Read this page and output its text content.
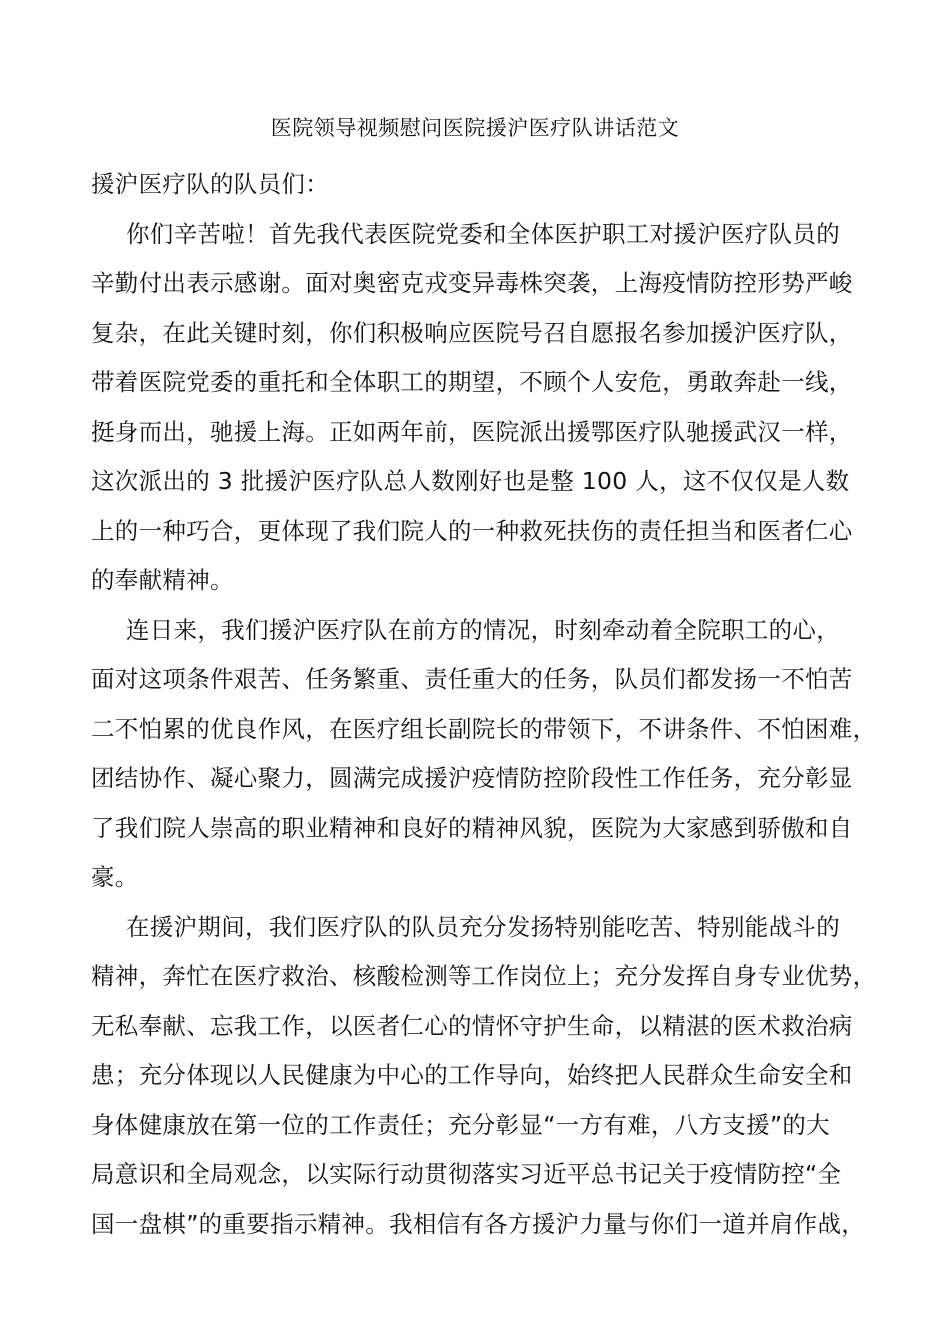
医院领导视频慰问医院援沪医疗队讲话范文
援沪医疗队的队员们：
你们辛苦啦！首先我代表医院党委和全体医护职工对援沪医疗队员的
辛勤付出表示感谢。面对奥密克戎变异毒株突袭，上海疫情防控形势严峻
复杂，在此关键时刻，你们积极响应医院号召自愿报名参加援沪医疗队，
带着医院党委的重托和全体职工的期望，不顾个人安危，勇敢奔赴一线，
挺身而出，驰援上海。正如两年前，医院派出援鄂医疗队驰援武汉一样，
这次派出的 3 批援沪医疗队总人数刚好也是整 100 人，这不仅仅是人数
上的一种巧合，更体现了我们院人的一种救死扶伤的责任担当和医者仁心
的奉献精神。
连日来，我们援沪医疗队在前方的情况，时刻牵动着全院职工的心，
面对这项条件艰苦、任务繁重、责任重大的任务，队员们都发扬一不怕苦
二不怕累的优良作风，在医疗组长副院长的带领下，不讲条件、不怕困难，
团结协作、凝心聚力，圆满完成援沪疫情防控阶段性工作任务，充分彰显
了我们院人崇高的职业精神和良好的精神风貌，医院为大家感到骄傲和自
豪。
在援沪期间，我们医疗队的队员充分发扬特别能吃苦、特别能战斗的
精神，奔忙在医疗救治、核酸检测等工作岗位上；充分发挥自身专业优势，
无私奉献、忘我工作，以医者仁心的情怀守护生命，以精湛的医术救治病
患；充分体现以人民健康为中心的工作导向，始终把人民群众生命安全和
身体健康放在第一位的工作责任；充分彰显“一方有难，八方支援”的大
局意识和全局观念，以实际行动贯彻落实习近平总书记关于疫情防控“全
国一盘棋”的重要指示精神。我相信有各方援沪力量与你们一道并肩作战，
